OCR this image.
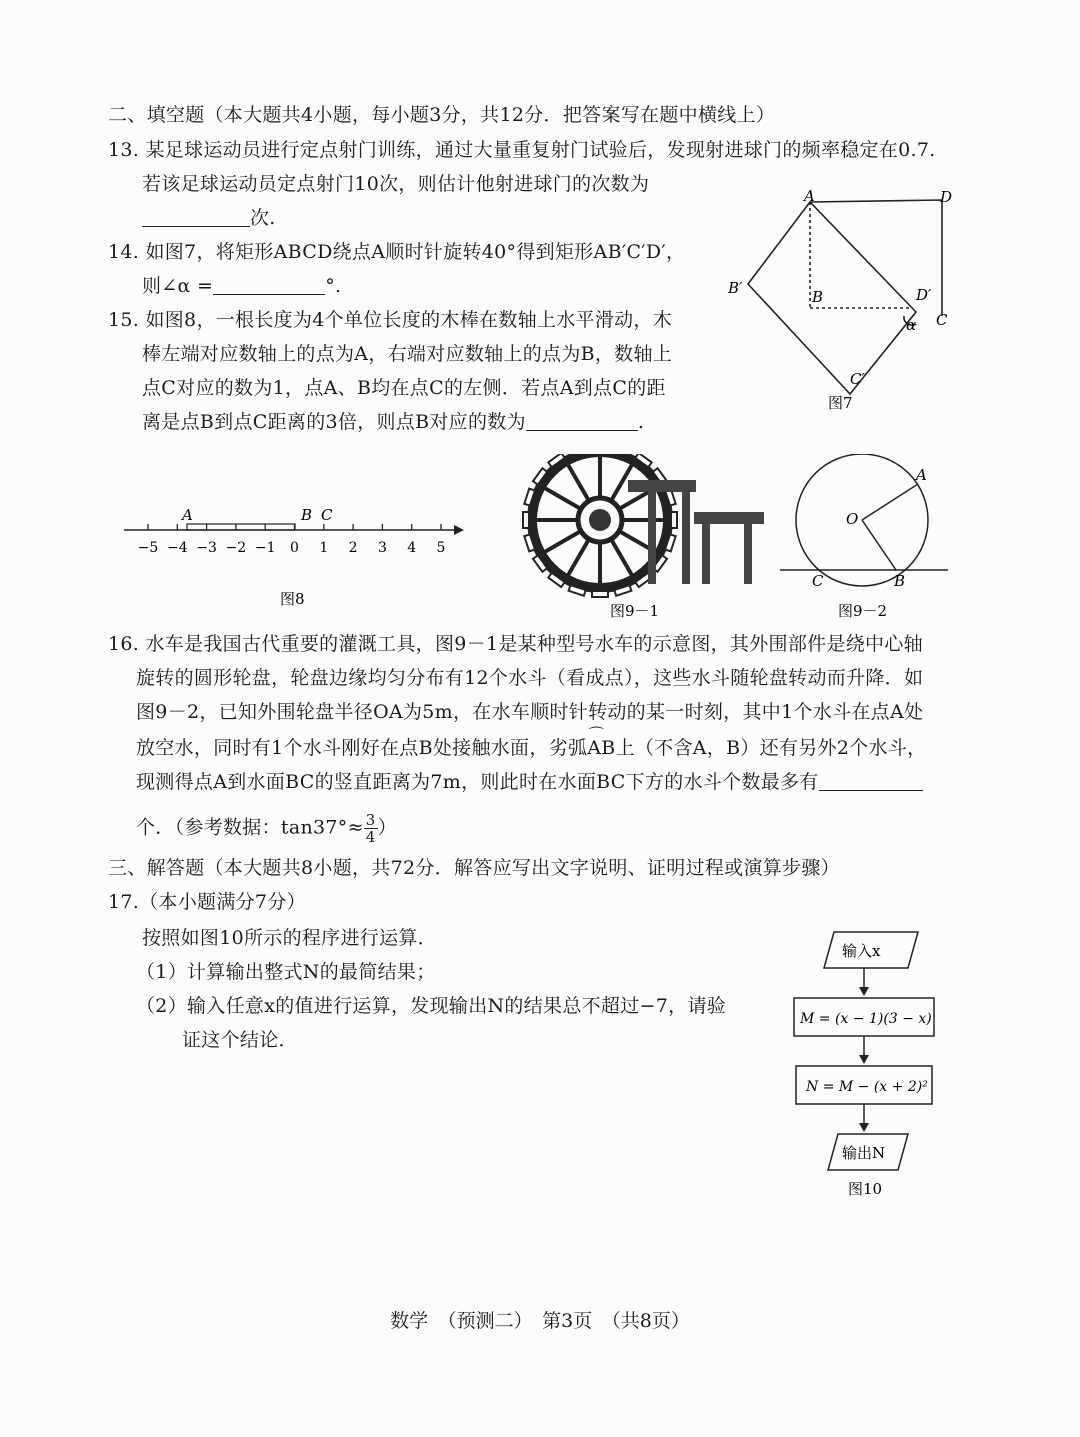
二、填空题（本大题共4小题，每小题3分，共12分．把答案写在题中横线上）
13. 某足球运动员进行定点射门训练，通过大量重复射门试验后，发现射进球门的频率稳定在0.7.
若该足球运动员定点射门10次，则估计他射进球门的次数为
次.
14. 如图7，将矩形ABCD绕点A顺时针旋转40°得到矩形AB′C′D′，
则∠α =	°.
15. 如图8，一根长度为4个单位长度的木棒在数轴上水平滑动，木
棒左端对应数轴上的点为A，右端对应数轴上的点为B，数轴上
点C对应的数为1，点A、B均在点C的左侧．若点A到点C的距
离是点B到点C距离的3倍，则点B对应的数为	.
A	D
B′	B	D′
C
α
C′
图7
−5 −4 −3 −2 −1 0 1 2 3 4 5
A	B C
图8
图9－1
O
A
B
C
图9－2
16. 水车是我国古代重要的灌溉工具，图9－1是某种型号水车的示意图，其外围部件是绕中心轴
旋转的圆形轮盘，轮盘边缘均匀分布有12个水斗（看成点），这些水斗随轮盘转动而升降．如
图9－2，已知外围轮盘半径OA为5m，在水车顺时针转动的某一时刻，其中1个水斗在点A处
放空水，同时有1个水斗刚好在点B处接触水面，劣弧⌒ AB上（不含A，B）还有另外2个水斗，
现测得点A到水面BC的竖直距离为7m，则此时在水面BC下方的水斗个数最多有
个．（参考数据：$\tan 37^\circ\approx \frac{3}{4}$ ）
三、解答题（本大题共8小题，共72分．解答应写出文字说明、证明过程或演算步骤）
17.（本小题满分7分）
按照如图10所示的程序进行运算．
（1）计算输出整式N的最简结果；
（2）输入任意x的值进行运算，发现输出N的结果总不超过−7，请验
证这个结论．
输入x
M = (x − 1)(3 − x)
N = M − (x + 2)²
输出N
图10
数学　（预测二）　第3页　（共8页）
